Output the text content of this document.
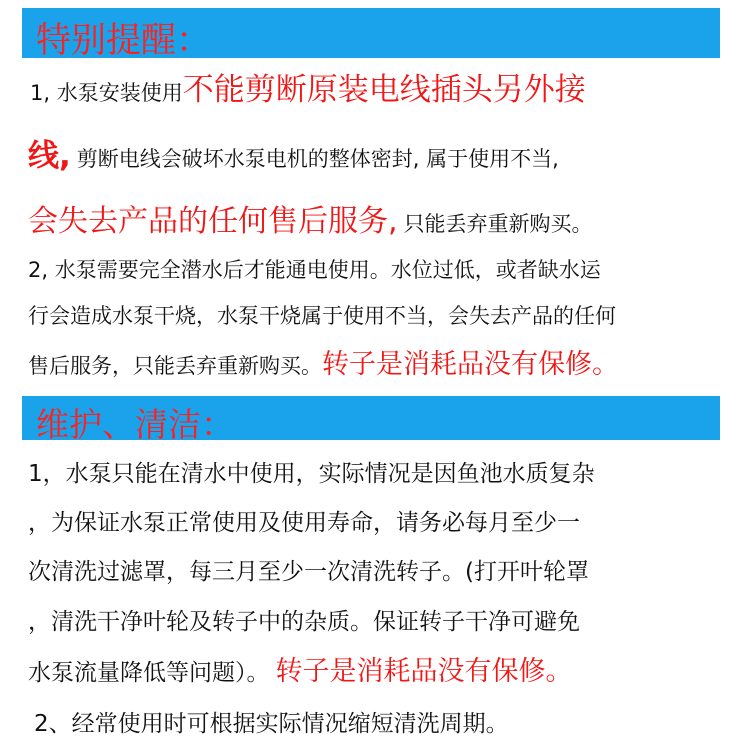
特别提醒：
1, 水泵安装使用不能剪断原装电线插头另外接
线, 剪断电线会破坏水泵电机的整体密封, 属于使用不当,
会失去产品的任何售后服务, 只能丢弃重新购买。
2, 水泵需要完全潜水后才能通电使用。水位过低，或者缺水运
行会造成水泵干烧，水泵干烧属于使用不当，会失去产品的任何
售后服务，只能丢弃重新购买。转子是消耗品没有保修。
维护、清洁：
1，水泵只能在清水中使用，实际情况是因鱼池水质复杂
，为保证水泵正常使用及使用寿命，请务必每月至少一
次清洗过滤罩，每三月至少一次清洗转子。(打开叶轮罩
，清洗干净叶轮及转子中的杂质。保证转子干净可避免
水泵流量降低等问题）。 转子是消耗品没有保修。
2、经常使用时可根据实际情况缩短清洗周期。
